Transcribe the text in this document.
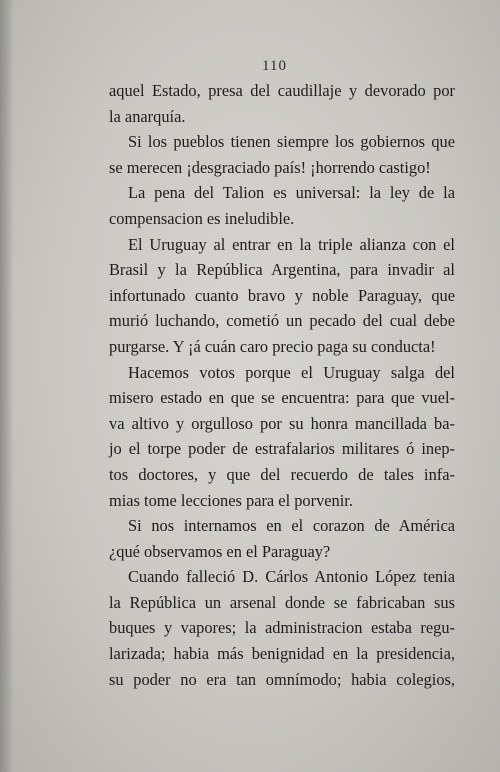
110
aquel Estado, presa del caudillaje y devorado por
la anarquía.
Si los pueblos tienen siempre los gobiernos que
se merecen ¡desgraciado país! ¡horrendo castigo!
La pena del Talion es universal: la ley de la
compensacion es ineludible.
El Uruguay al entrar en la triple alianza con el
Brasil y la República Argentina, para invadir al
infortunado cuanto bravo y noble Paraguay, que
murió luchando, cometió un pecado del cual debe
purgarse. Y ¡á cuán caro precio paga su conducta!
Hacemos votos porque el Uruguay salga del
misero estado en que se encuentra: para que vuel-
va altivo y orgulloso por su honra mancillada ba-
jo el torpe poder de estrafalarios militares ó inep-
tos doctores, y que del recuerdo de tales infa-
mias tome lecciones para el porvenir.
Si nos internamos en el corazon de América
¿qué observamos en el Paraguay?
Cuando falleció D. Cárlos Antonio López tenia
la República un arsenal donde se fabricaban sus
buques y vapores; la administracion estaba regu-
larizada; habia más benignidad en la presidencia,
su poder no era tan omnímodo; habia colegios,
